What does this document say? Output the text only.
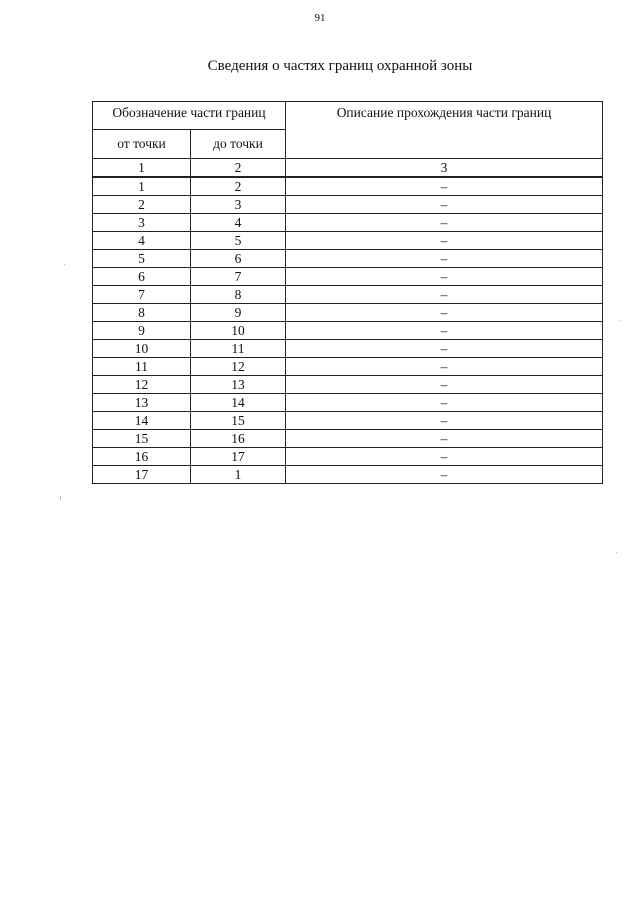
91
Сведения о частях границ охранной зоны
Обозначение части границ		Описание прохождения части границ
от точки	до точки	
1	2	3
1	2	–
2	3	–
3	4	–
4	5	–
5	6	–
6	7	–
7	8	–
8	9	–
9	10	–
10	11	–
11	12	–
12	13	–
13	14	–
14	15	–
15	16	–
16	17	–
17	1	–
